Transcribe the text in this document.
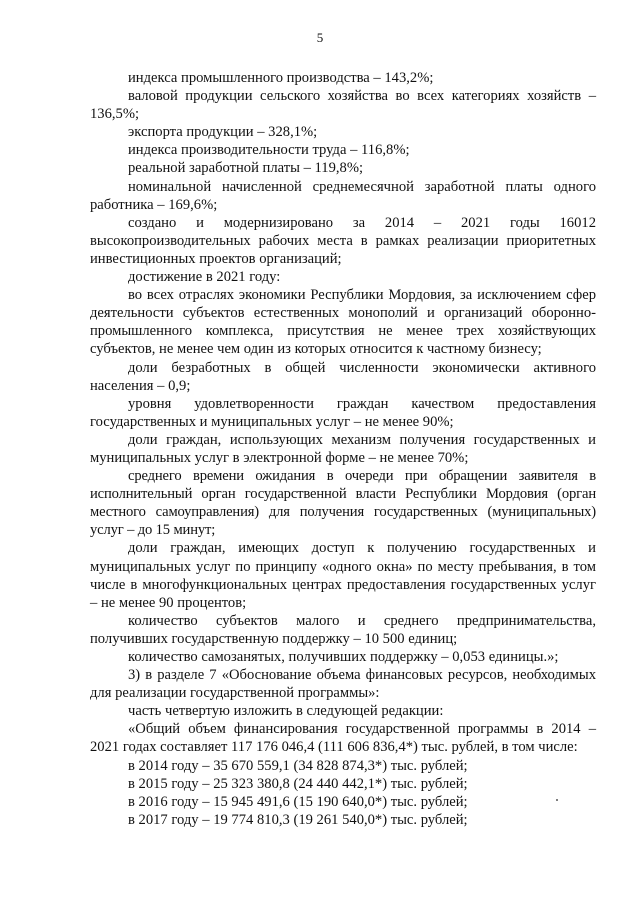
5

индекса промышленного производства – 143,2%;

валовой продукции сельского хозяйства во всех категориях хозяйств – 136,5%;

экспорта продукции – 328,1%;

индекса производительности труда – 116,8%;

реальной заработной платы – 119,8%;

номинальной начисленной среднемесячной заработной платы одного работника – 169,6%;

создано и модернизировано за 2014 – 2021 годы 16012 высокопроизводительных рабочих места в рамках реализации приоритетных инвестиционных проектов организаций;

достижение в 2021 году:

во всех отраслях экономики Республики Мордовия, за исключением сфер деятельности субъектов естественных монополий и организаций оборонно-промышленного комплекса, присутствия не менее трех хозяйствующих субъектов, не менее чем один из которых относится к частному бизнесу;

доли безработных в общей численности экономически активного населения – 0,9;

уровня удовлетворенности граждан качеством предоставления государственных и муниципальных услуг – не менее 90%;

доли граждан, использующих механизм получения государственных и муниципальных услуг в электронной форме – не менее 70%;

среднего времени ожидания в очереди при обращении заявителя в исполнительный орган государственной власти Республики Мордовия (орган местного самоуправления) для получения государственных (муниципальных) услуг – до 15 минут;

доли граждан, имеющих доступ к получению государственных и муниципальных услуг по принципу «одного окна» по месту пребывания, в том числе в многофункциональных центрах предоставления государственных услуг – не менее 90 процентов;

количество субъектов малого и среднего предпринимательства, получивших государственную поддержку – 10 500 единиц;

количество самозанятых, получивших поддержку – 0,053 единицы.»;

3) в разделе 7 «Обоснование объема финансовых ресурсов, необходимых для реализации государственной программы»:

часть четвертую изложить в следующей редакции:

«Общий объем финансирования государственной программы в 2014 – 2021 годах составляет 117 176 046,4 (111 606 836,4*) тыс. рублей, в том числе:

в 2014 году – 35 670 559,1 (34 828 874,3*) тыс. рублей;

в 2015 году – 25 323 380,8 (24 440 442,1*) тыс. рублей;

в 2016 году – 15 945 491,6 (15 190 640,0*) тыс. рублей;

в 2017 году – 19 774 810,3 (19 261 540,0*) тыс. рублей;
